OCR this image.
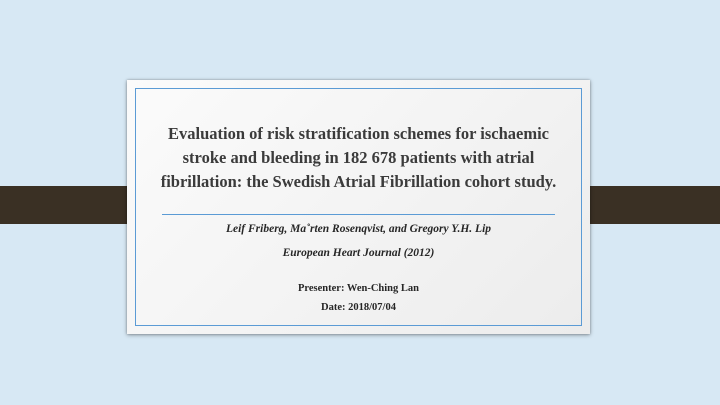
Evaluation of risk stratification schemes for ischaemic stroke and bleeding in 182 678 patients with atrial fibrillation: the Swedish Atrial Fibrillation cohort study.
Leif Friberg, Ma˚rten Rosenqvist, and Gregory Y.H. Lip
European Heart Journal (2012)
Presenter: Wen-Ching Lan
Date: 2018/07/04
